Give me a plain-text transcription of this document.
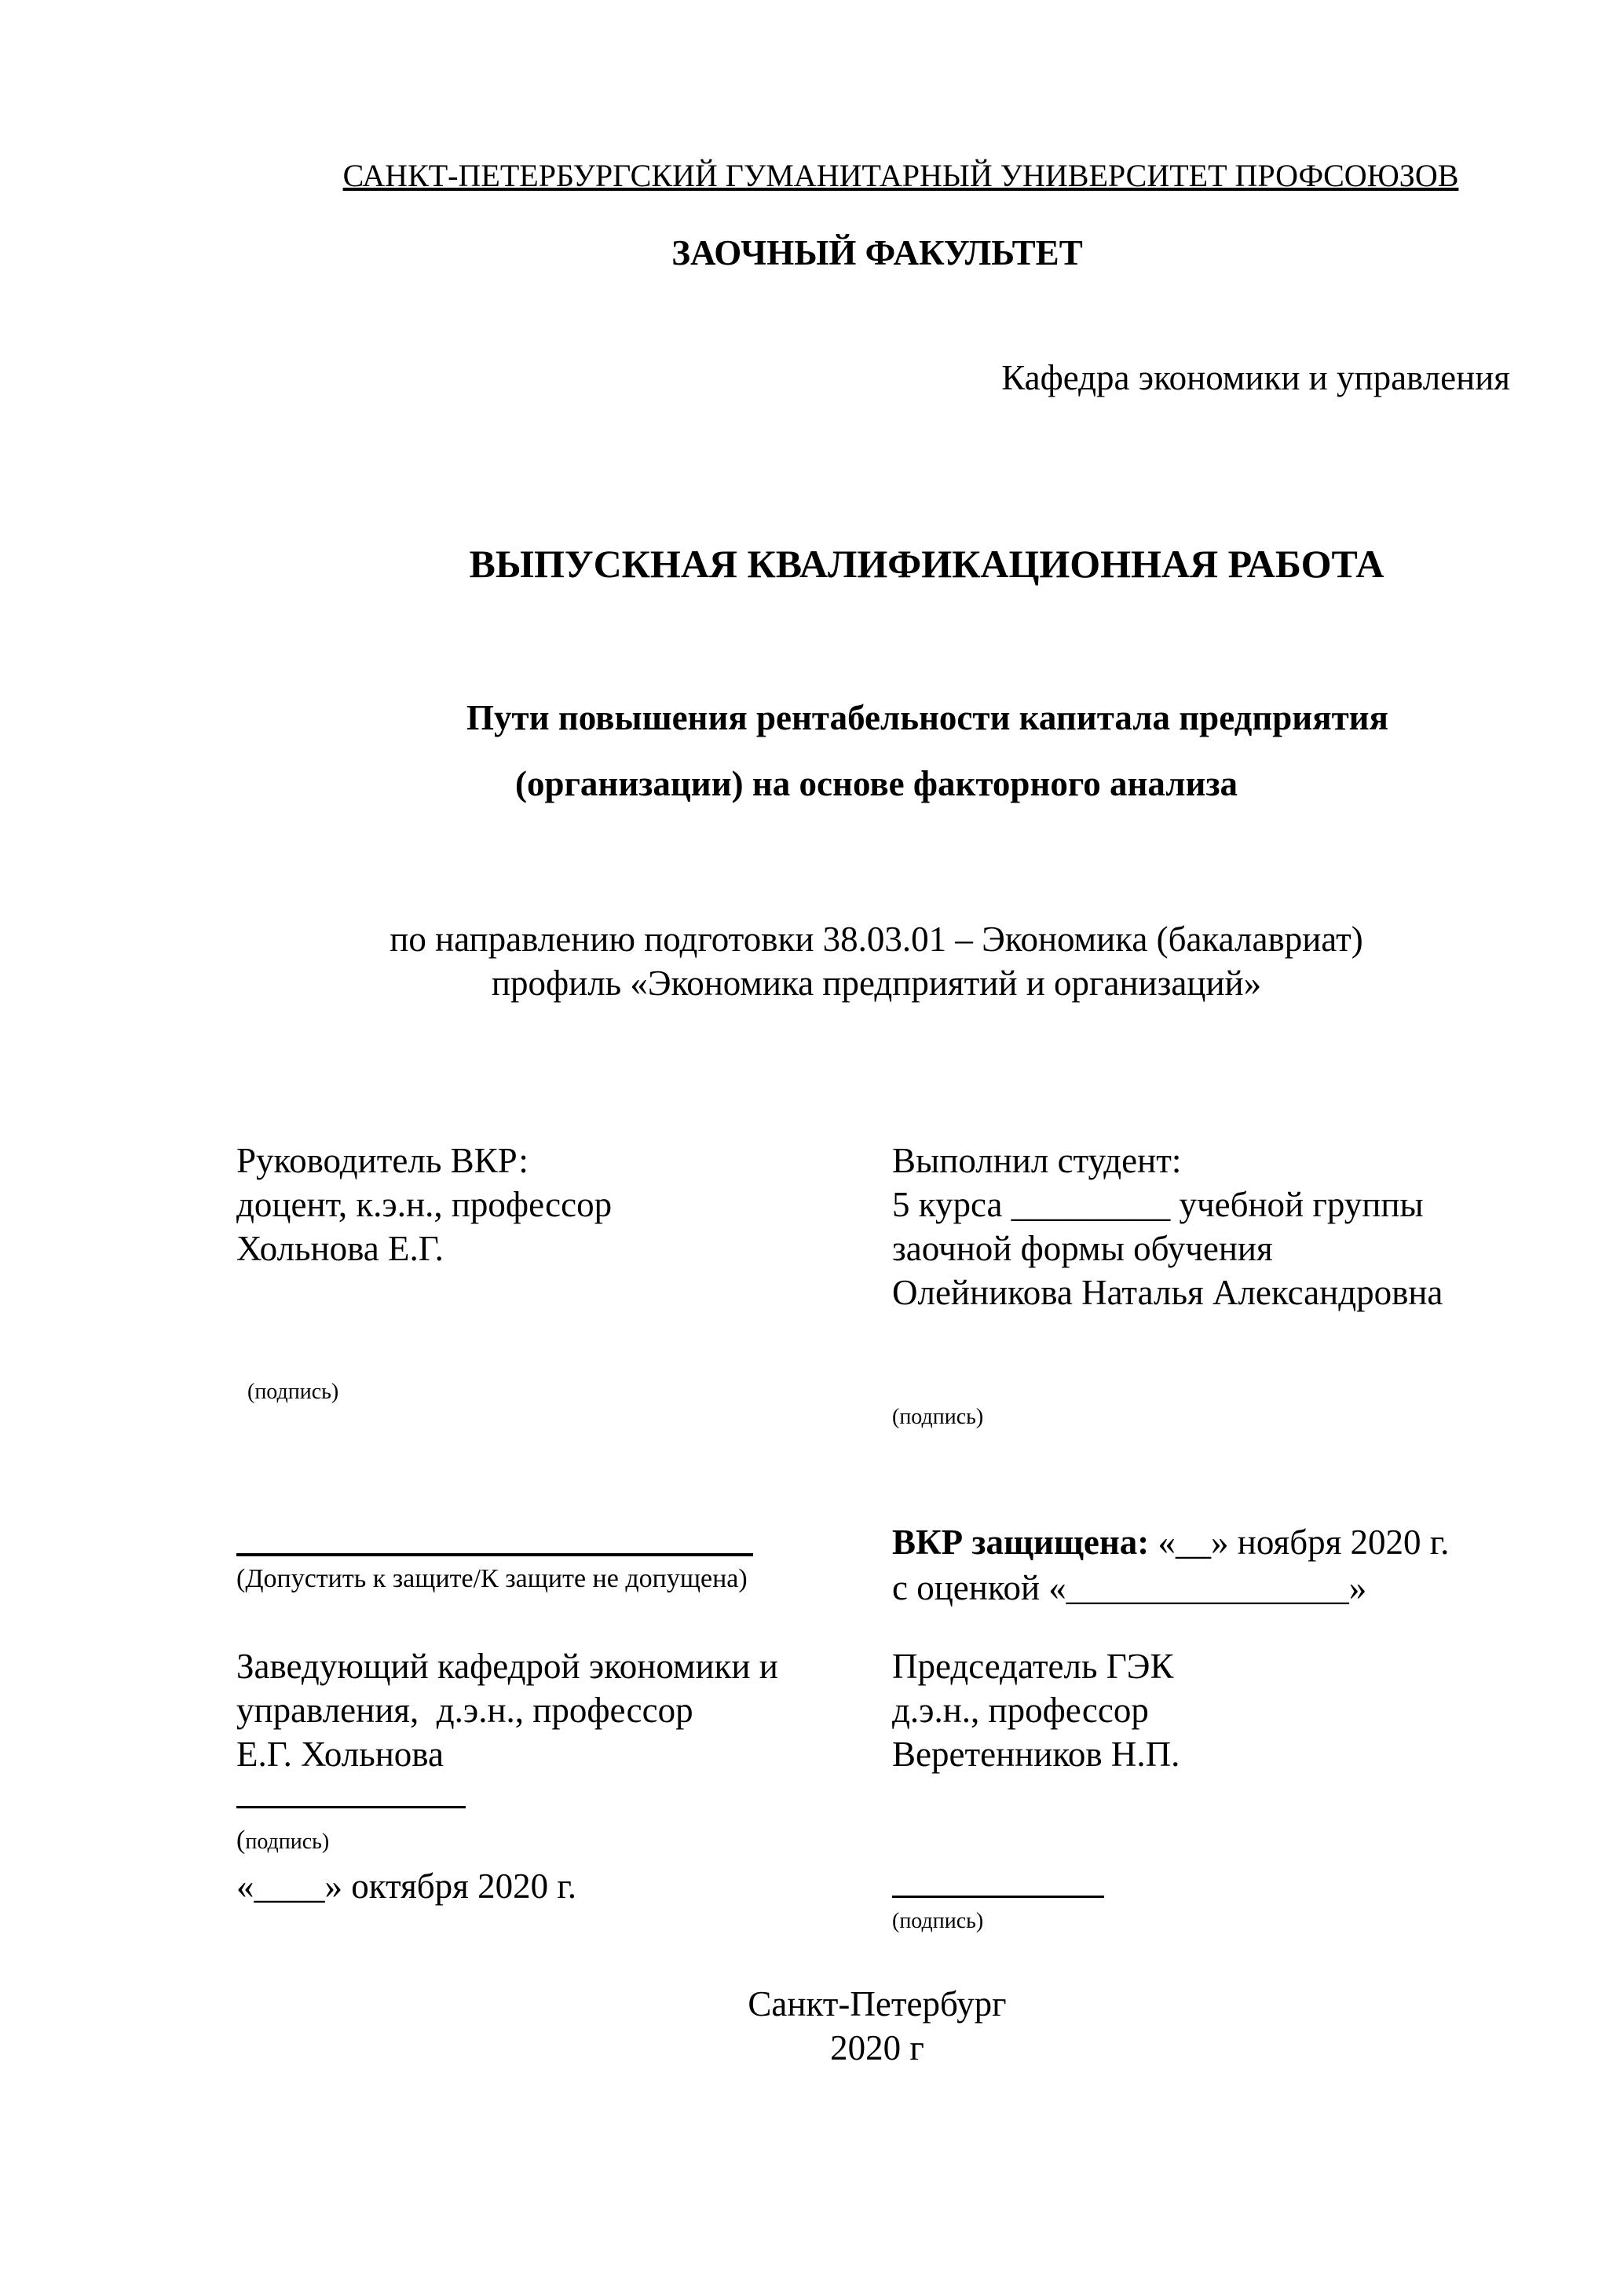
САНКТ-ПЕТЕРБУРГСКИЙ ГУМАНИТАРНЫЙ УНИВЕРСИТЕТ ПРОФСОЮЗОВ
ЗАОЧНЫЙ ФАКУЛЬТЕТ
Кафедра экономики и управления
ВЫПУСКНАЯ КВАЛИФИКАЦИОННАЯ РАБОТА
Пути повышения рентабельности капитала предприятия
(организации) на основе факторного анализа
по направлению подготовки 38.03.01 – Экономика (бакалавриат)
профиль «Экономика предприятий и организаций»
Руководитель ВКР:
доцент, к.э.н., профессор
Хольнова Е.Г.
(подпись)
Выполнил студент:
5 курса _________ учебной группы
заочной формы обучения
Олейникова Наталья Александровна
(подпись)
(Допустить к защите/К защите не допущена)
ВКР защищена: «__» ноября 2020 г.
с оценкой «________________»
Заведующий кафедрой экономики и
управления,  д.э.н., профессор
Е.Г. Хольнова
(подпись)
«____» октября 2020 г.
Председатель ГЭК
д.э.н., профессор
Веретенников Н.П.
(подпись)
Санкт-Петербург
2020 г
